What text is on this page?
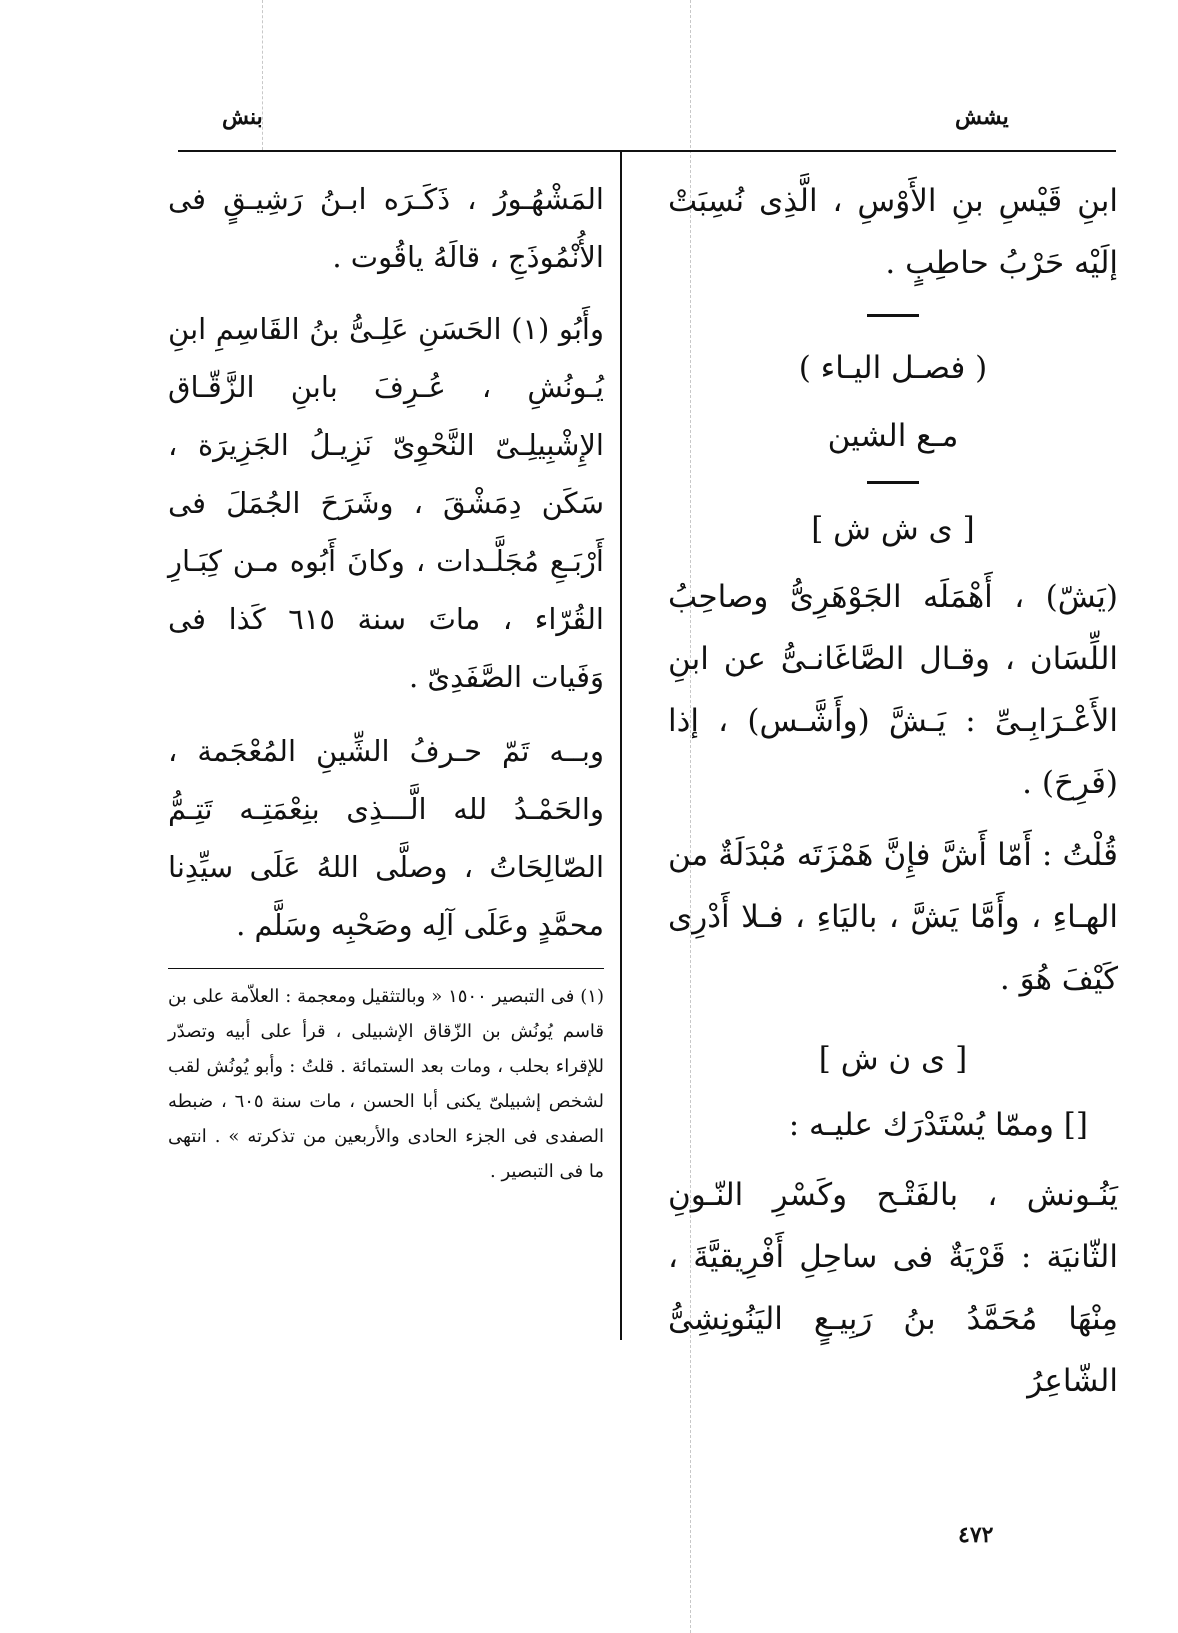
يشش
بنش

ابنِ قَيْسِ بنِ الأَوْسِ ، الَّذِى نُسِبَتْ إلَيْه حَرْبُ حاطِبٍ .

( فصـل اليـاء )

مـع الشين

[ ى ش ش ]

(يَشّ) ، أَهْمَلَه الجَوْهَرِىُّ وصاحِبُ اللِّسَان ، وقـال الصَّاغَانـىُّ عن ابنِ الأَعْـرَابِـىِّ : يَـشَّ (وأَشَّـس) ، إذا (فَرِحَ) .

قُلْتُ : أَمّا أَشَّ فإِنَّ هَمْزَتَه مُبْدَلَةٌ من الهـاءِ ، وأَمَّا يَشَّ ، باليَاءِ ، فـلا أَدْرِى كَيْفَ هُوَ .

[ ى ن ش ]

[] وممّا يُسْتَدْرَك عليـه :

يَنُـونش ، بالفَتْـح وكَسْرِ النّـونِ الثّانيَة : قَرْيَةٌ فى ساحِلِ أَفْرِيقيَّةَ ، مِنْهَا مُحَمَّدُ بنُ رَبِيـعٍ اليَنُونِشِىُّ الشّاعِرُ

المَشْهُـورُ ، ذَكَـرَه ابـنُ رَشِيـقٍ فى الأُنْمُوذَجِ ، قالَهُ ياقُوت .

وأَبُو (١) الحَسَنِ عَلِـىُّ بنُ القَاسِمِ ابنِ يُـونُشِ ، عُـرِفَ بابنِ الزَّقّـاق الإِشْبِيلِـىّ النَّحْوِىّ نَزِيـلُ الجَزِيرَة ، سَكَن دِمَشْقَ ، وشَرَحَ الجُمَلَ فى أَرْبَـعِ مُجَلَّـدات ، وكانَ أَبُوه مـن كِبَـارِ القُرّاء ، ماتَ سنة ٦١٥ كَذا فى وَفَيات الصَّفَدِىّ .

وبــه تَمّ حـرفُ الشِّينِ المُعْجَمة ، والحَمْـدُ لله الَّـــذِى بنِعْمَتِـه تَتِـمُّ الصّالِحَاتُ ، وصلَّى اللهُ عَلَى سيِّدِنا محمَّدٍ وعَلَى آلِه وصَحْبِه وسَلَّم .

(١) فى التبصير ١٥٠٠ « وبالتثقيل ومعجمة : العلاّمة على بن قاسم يُونُش بن الزّقاق الإشبيلى ، قرأ على أبيه وتصدّر للإقراء بحلب ، ومات بعد الستمائة . قلتُ : وأبو يُونُش لقب لشخص إشبيلىّ يكنى أبا الحسن ، مات سنة ٦٠٥ ، ضبطه الصفدى فى الجزء الحادى والأربعين من تذكرته » . انتهى ما فى التبصير .

٤٧٢
